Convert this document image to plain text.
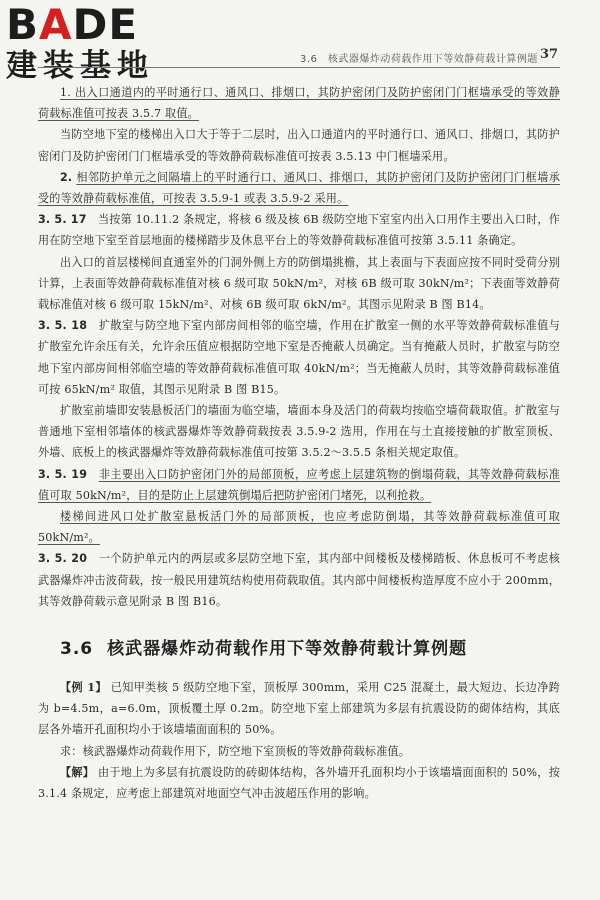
BADE
建装基地	3.6　核武器爆炸动荷载作用下等效静荷载计算例题 37

1. 出入口通道内的平时通行口、通风口、排烟口，其防护密闭门及防护密闭门门框墙承受的等效静荷载标准值可按表 3.5.7 取值。

当防空地下室的楼梯出入口大于等于二层时，出入口通道内的平时通行口、通风口、排烟口，其防护密闭门及防护密闭门门框墙承受的等效静荷载标准值可按表 3.5.13 中门框墙采用。

2. 相邻防护单元之间隔墙上的平时通行口、通风口、排烟口，其防护密闭门及防护密闭门门框墙承受的等效静荷载标准值，可按表 3.5.9-1 或表 3.5.9-2 采用。

3. 5. 17　 当按第 10.11.2 条规定，将核 6 级及核 6B 级防空地下室室内出入口用作主要出入口时，作用在防空地下室至首层地面的楼梯踏步及休息平台上的等效静荷载标准值可按第 3.5.11 条确定。

出入口的首层楼梯间直通室外的门洞外侧上方的防倒塌挑檐，其上表面与下表面应按不同时受荷分别计算，上表面等效静荷载标准值对核 6 级可取 50kN/m²，对核 6B 级可取 30kN/m²；下表面等效静荷载标准值对核 6 级可取 15kN/m²、对核 6B 级可取 6kN/m²。其图示见附录 B 图 B14。

3. 5. 18　 扩散室与防空地下室内部房间相邻的临空墙，作用在扩散室一侧的水平等效静荷载标准值与扩散室允许余压有关，允许余压值应根据防空地下室是否掩蔽人员确定。当有掩蔽人员时，扩散室与防空地下室内部房间相邻临空墙的等效静荷载标准值可取 40kN/m²；当无掩蔽人员时，其等效静荷载标准值可按 65kN/m² 取值，其图示见附录 B 图 B15。

扩散室前墙即安装悬板活门的墙面为临空墙，墙面本身及活门的荷载均按临空墙荷载取值。扩散室与普通地下室相邻墙体的核武器爆炸等效静荷载按表 3.5.9-2 选用，作用在与土直接接触的扩散室顶板、外墙、底板上的核武器爆炸等效静荷载标准值可按第 3.5.2～3.5.5 条相关规定取值。

3. 5. 19　 非主要出入口防护密闭门外的局部顶板，应考虑上层建筑物的倒塌荷载，其等效静荷载标准值可取 50kN/m²，目的是防止上层建筑倒塌后把防护密闭门堵死，以利抢救。

楼梯间进风口处扩散室悬板活门外的局部顶板，也应考虑防倒塌，其等效静荷载标准值可取 50kN/m²。

3. 5. 20　 一个防护单元内的两层或多层防空地下室，其内部中间楼板及楼梯踏板、休息板可不考虑核武器爆炸冲击波荷载，按一般民用建筑结构使用荷载取值。其内部中间楼板构造厚度不应小于 200mm，其等效静荷载示意见附录 B 图 B16。

3.6 核武器爆炸动荷载作用下等效静荷载计算例题

【例 1】 已知甲类核 5 级防空地下室，顶板厚 300mm，采用 C25 混凝土，最大短边、长边净跨为 b=4.5m，a=6.0m，顶板覆土厚 0.2m。防空地下室上部建筑为多层有抗震设防的砌体结构，其底层各外墙开孔面积均小于该墙墙面面积的 50%。

求：核武器爆炸动荷载作用下，防空地下室顶板的等效静荷载标准值。

【解】 由于地上为多层有抗震设防的砖砌体结构，各外墙开孔面积均小于该墙墙面面积的 50%，按 3.1.4 条规定，应考虑上部建筑对地面空气冲击波超压作用的影响。
